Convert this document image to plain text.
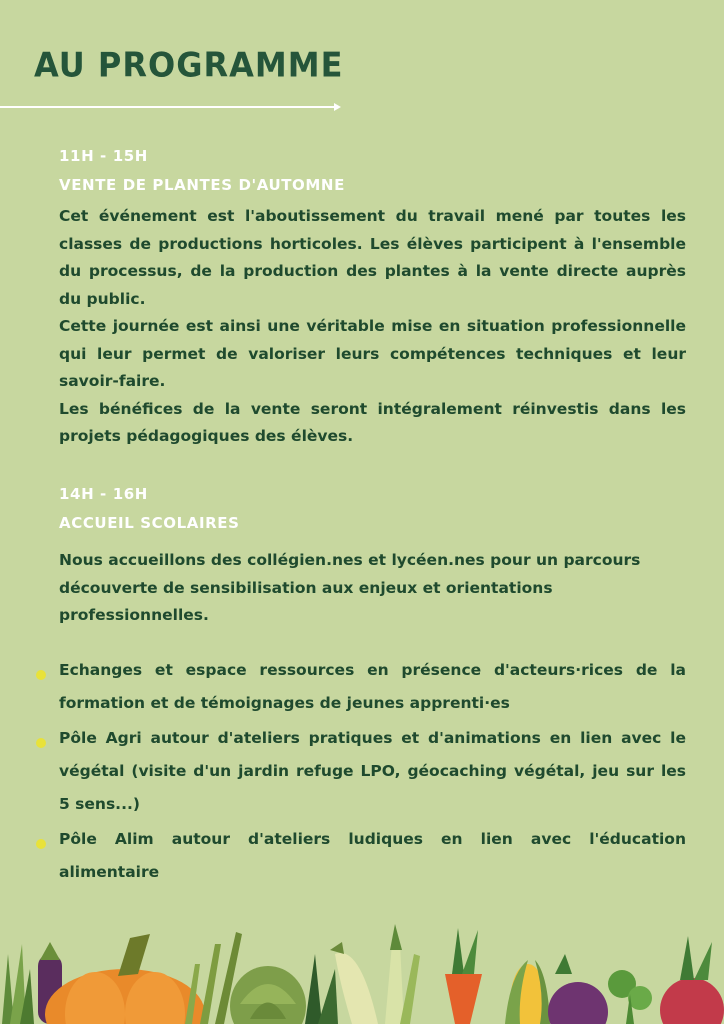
AU PROGRAMME

11H - 15H

VENTE DE PLANTES D'AUTOMNE

Cet événement est l'aboutissement du travail mené par toutes les classes de productions horticoles. Les élèves participent à l'ensemble du processus, de la production des plantes à la vente directe auprès du public.

Cette journée est ainsi une véritable mise en situation professionnelle qui leur permet de valoriser leurs compétences techniques et leur savoir-faire.

Les bénéfices de la vente seront intégralement réinvestis dans les projets pédagogiques des élèves.

14H - 16H

ACCUEIL SCOLAIRES

Nous accueillons des collégien.nes et lycéen.nes pour un parcours découverte de sensibilisation aux enjeux et orientations professionnelles.

Echanges et espace ressources en présence d'acteurs·rices de la formation et de témoignages de jeunes apprenti·es
Pôle Agri autour d'ateliers pratiques et d'animations en lien avec le végétal (visite d'un jardin refuge LPO, géocaching végétal, jeu sur les 5 sens...)
Pôle Alim autour d'ateliers ludiques en lien avec l'éducation alimentaire
